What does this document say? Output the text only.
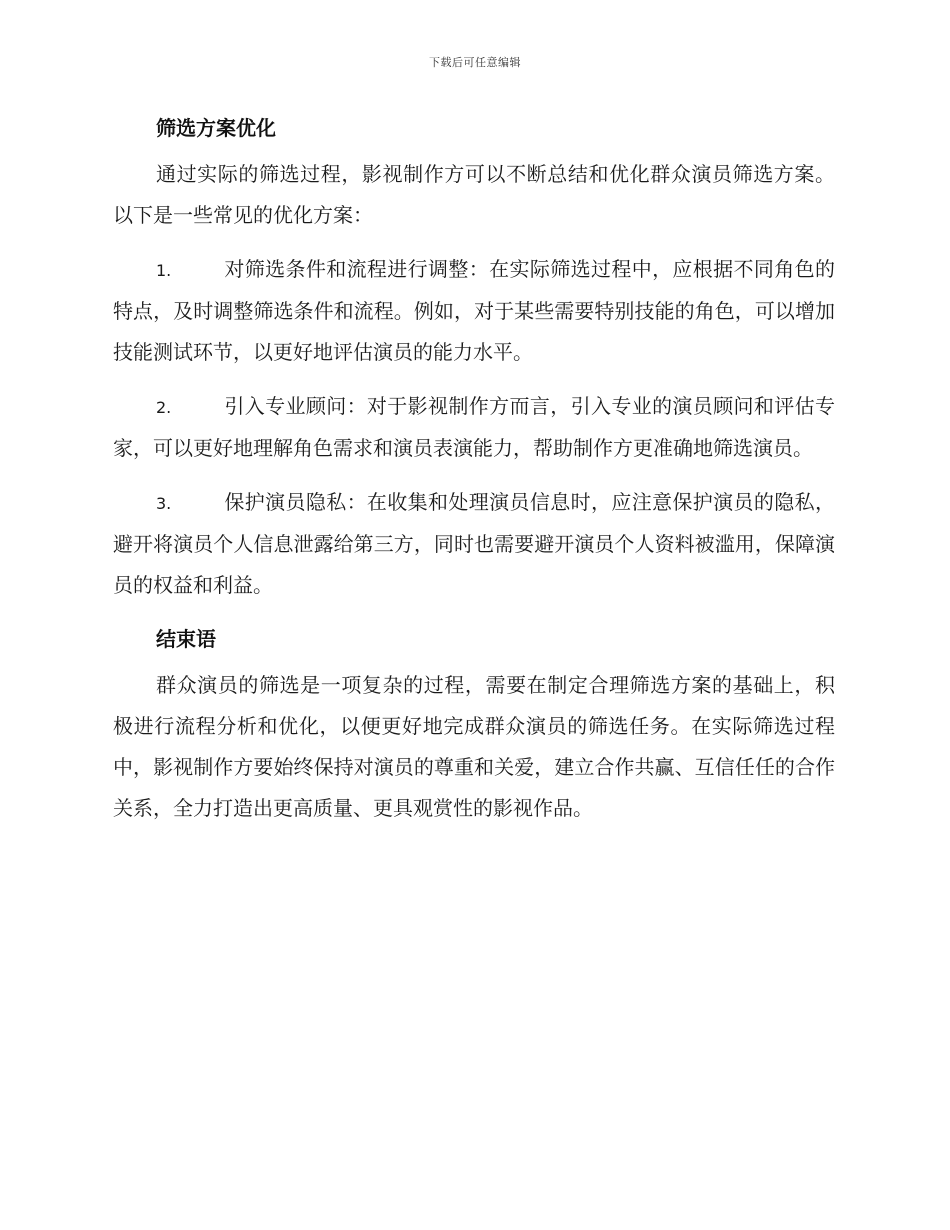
下载后可任意编辑
筛选方案优化

通过实际的筛选过程，影视制作方可以不断总结和优化群众演员筛选方案。以下是一些常见的优化方案：

1.	对筛选条件和流程进行调整：在实际筛选过程中，应根据不同角色的特点，及时调整筛选条件和流程。例如，对于某些需要特别技能的角色，可以增加技能测试环节，以更好地评估演员的能力水平。

2.	引入专业顾问：对于影视制作方而言，引入专业的演员顾问和评估专家，可以更好地理解角色需求和演员表演能力，帮助制作方更准确地筛选演员。

3.	保护演员隐私：在收集和处理演员信息时，应注意保护演员的隐私，避开将演员个人信息泄露给第三方，同时也需要避开演员个人资料被滥用，保障演员的权益和利益。

结束语

群众演员的筛选是一项复杂的过程，需要在制定合理筛选方案的基础上，积极进行流程分析和优化，以便更好地完成群众演员的筛选任务。在实际筛选过程中，影视制作方要始终保持对演员的尊重和关爱，建立合作共赢、互信任任的合作关系，全力打造出更高质量、更具观赏性的影视作品。
